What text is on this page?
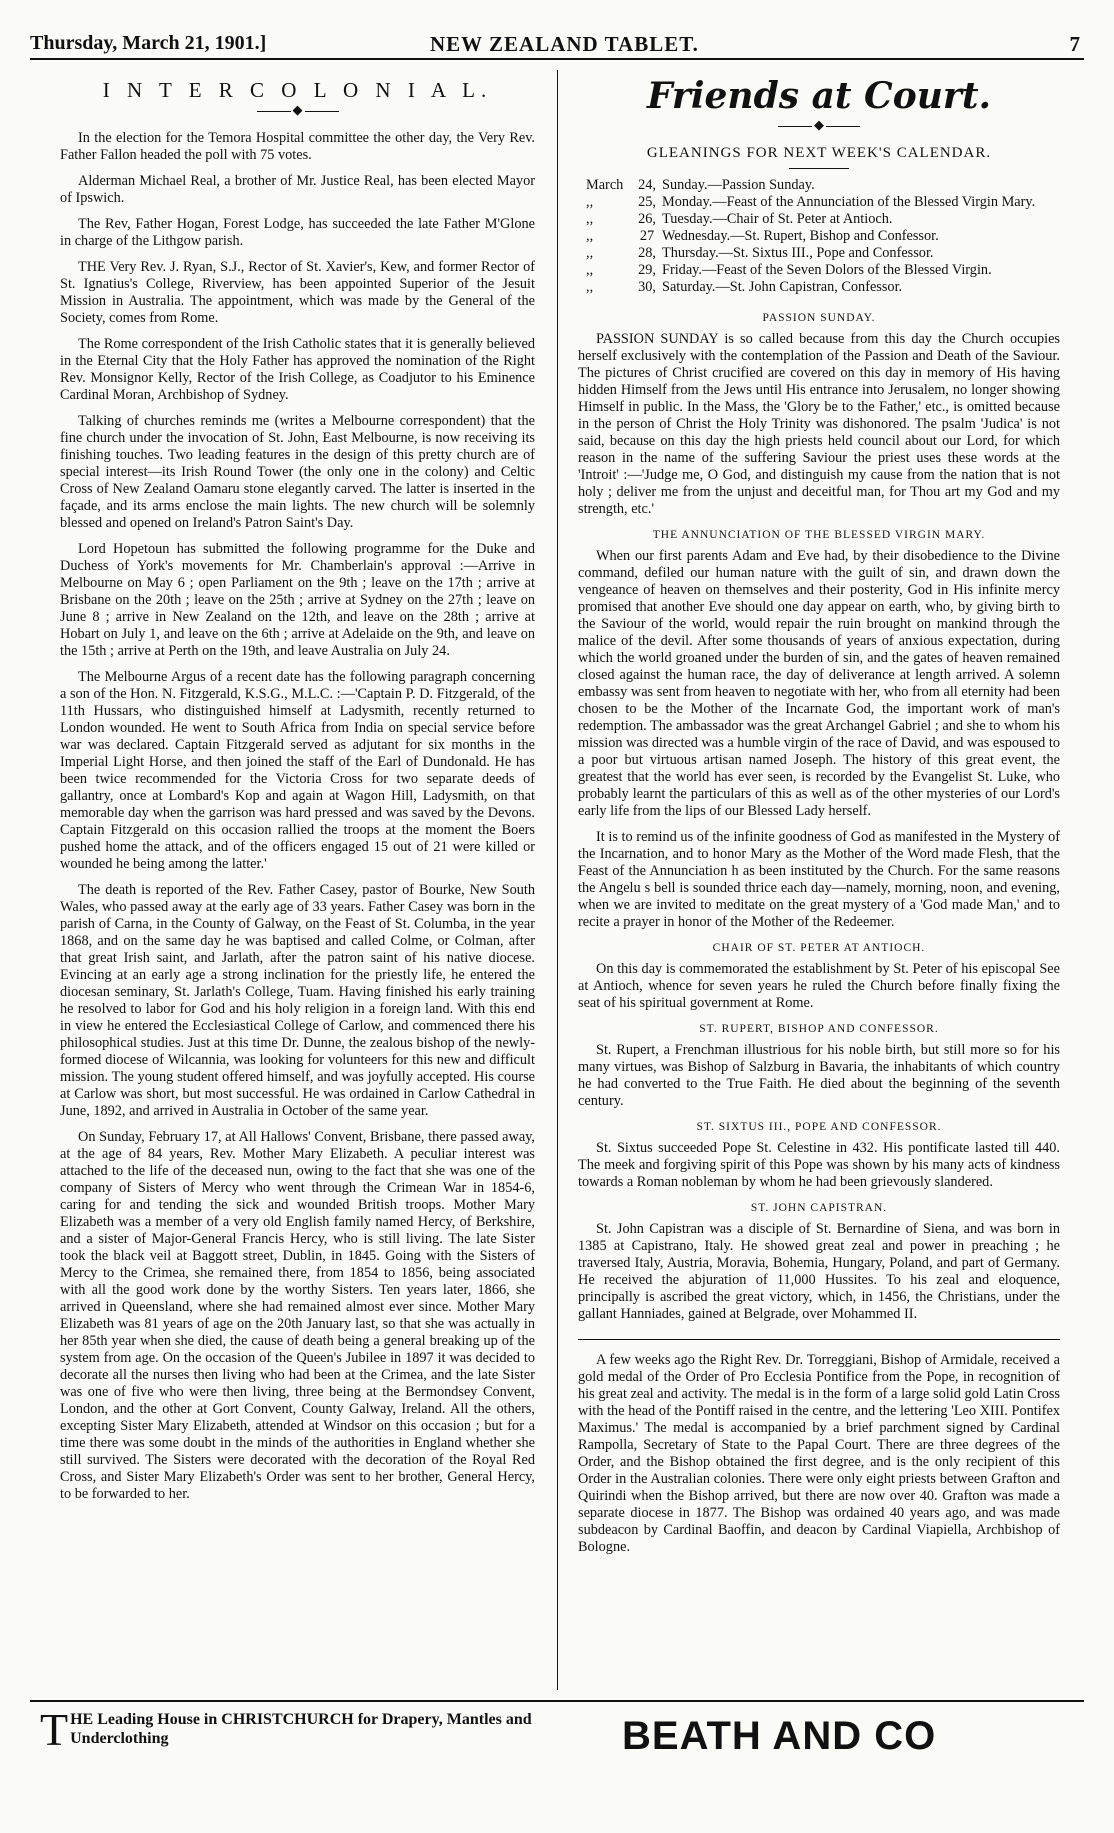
Thursday, March 21, 1901.]	NEW ZEALAND TABLET.	7
I N T E R C O L O N I A L.
◆

In the election for the Temora Hospital committee the other day, the Very Rev. Father Fallon headed the poll with 75 votes.

Alderman Michael Real, a brother of Mr. Justice Real, has been elected Mayor of Ipswich.

The Rev, Father Hogan, Forest Lodge, has succeeded the late Father M'Glone in charge of the Lithgow parish.

THE Very Rev. J. Ryan, S.J., Rector of St. Xavier's, Kew, and former Rector of St. Ignatius's College, Riverview, has been appointed Superior of the Jesuit Mission in Australia. The appointment, which was made by the General of the Society, comes from Rome.

The Rome correspondent of the Irish Catholic states that it is generally believed in the Eternal City that the Holy Father has approved the nomination of the Right Rev. Monsignor Kelly, Rector of the Irish College, as Coadjutor to his Eminence Cardinal Moran, Archbishop of Sydney.

Talking of churches reminds me (writes a Melbourne correspondent) that the fine church under the invocation of St. John, East Melbourne, is now receiving its finishing touches. Two leading features in the design of this pretty church are of special interest—its Irish Round Tower (the only one in the colony) and Celtic Cross of New Zealand Oamaru stone elegantly carved. The latter is inserted in the façade, and its arms enclose the main lights. The new church will be solemnly blessed and opened on Ireland's Patron Saint's Day.

Lord Hopetoun has submitted the following programme for the Duke and Duchess of York's movements for Mr. Chamberlain's approval :—Arrive in Melbourne on May 6 ; open Parliament on the 9th ; leave on the 17th ; arrive at Brisbane on the 20th ; leave on the 25th ; arrive at Sydney on the 27th ; leave on June 8 ; arrive in New Zealand on the 12th, and leave on the 28th ; arrive at Hobart on July 1, and leave on the 6th ; arrive at Adelaide on the 9th, and leave on the 15th ; arrive at Perth on the 19th, and leave Australia on July 24.

The Melbourne Argus of a recent date has the following paragraph concerning a son of the Hon. N. Fitzgerald, K.S.G., M.L.C. :—'Captain P. D. Fitzgerald, of the 11th Hussars, who distinguished himself at Ladysmith, recently returned to London wounded. He went to South Africa from India on special service before war was declared. Captain Fitzgerald served as adjutant for six months in the Imperial Light Horse, and then joined the staff of the Earl of Dundonald. He has been twice recommended for the Victoria Cross for two separate deeds of gallantry, once at Lombard's Kop and again at Wagon Hill, Ladysmith, on that memorable day when the garrison was hard pressed and was saved by the Devons. Captain Fitzgerald on this occasion rallied the troops at the moment the Boers pushed home the attack, and of the officers engaged 15 out of 21 were killed or wounded he being among the latter.'

The death is reported of the Rev. Father Casey, pastor of Bourke, New South Wales, who passed away at the early age of 33 years. Father Casey was born in the parish of Carna, in the County of Galway, on the Feast of St. Columba, in the year 1868, and on the same day he was baptised and called Colme, or Colman, after that great Irish saint, and Jarlath, after the patron saint of his native diocese. Evincing at an early age a strong inclination for the priestly life, he entered the diocesan seminary, St. Jarlath's College, Tuam. Having finished his early training he resolved to labor for God and his holy religion in a foreign land. With this end in view he entered the Ecclesiastical College of Carlow, and commenced there his philosophical studies. Just at this time Dr. Dunne, the zealous bishop of the newly-formed diocese of Wilcannia, was looking for volunteers for this new and difficult mission. The young student offered himself, and was joyfully accepted. His course at Carlow was short, but most successful. He was ordained in Carlow Cathedral in June, 1892, and arrived in Australia in October of the same year.

On Sunday, February 17, at All Hallows' Convent, Brisbane, there passed away, at the age of 84 years, Rev. Mother Mary Elizabeth. A peculiar interest was attached to the life of the deceased nun, owing to the fact that she was one of the company of Sisters of Mercy who went through the Crimean War in 1854-6, caring for and tending the sick and wounded British troops. Mother Mary Elizabeth was a member of a very old English family named Hercy, of Berkshire, and a sister of Major-General Francis Hercy, who is still living. The late Sister took the black veil at Baggott street, Dublin, in 1845. Going with the Sisters of Mercy to the Crimea, she remained there, from 1854 to 1856, being associated with all the good work done by the worthy Sisters. Ten years later, 1866, she arrived in Queensland, where she had remained almost ever since. Mother Mary Elizabeth was 81 years of age on the 20th January last, so that she was actually in her 85th year when she died, the cause of death being a general breaking up of the system from age. On the occasion of the Queen's Jubilee in 1897 it was decided to decorate all the nurses then living who had been at the Crimea, and the late Sister was one of five who were then living, three being at the Bermondsey Convent, London, and the other at Gort Convent, County Galway, Ireland. All the others, excepting Sister Mary Elizabeth, attended at Windsor on this occasion ; but for a time there was some doubt in the minds of the authorities in England whether she still survived. The Sisters were decorated with the decoration of the Royal Red Cross, and Sister Mary Elizabeth's Order was sent to her brother, General Hercy, to be forwarded to her.

Friends at Court.
◆
GLEANINGS FOR NEXT WEEK'S CALENDAR.
March	24, Sunday.—Passion Sunday.
,,	25, Monday.—Feast of the Annunciation of the Blessed Virgin Mary.
,,	26, Tuesday.—Chair of St. Peter at Antioch.
,,	27 Wednesday.—St. Rupert, Bishop and Confessor.
,,	28, Thursday.—St. Sixtus III., Pope and Confessor.
,,	29, Friday.—Feast of the Seven Dolors of the Blessed Virgin.
,,	30, Saturday.—St. John Capistran, Confessor.
PASSION SUNDAY.

PASSION SUNDAY is so called because from this day the Church occupies herself exclusively with the contemplation of the Passion and Death of the Saviour. The pictures of Christ crucified are covered on this day in memory of His having hidden Himself from the Jews until His entrance into Jerusalem, no longer showing Himself in public. In the Mass, the 'Glory be to the Father,' etc., is omitted because in the person of Christ the Holy Trinity was dishonored. The psalm 'Judica' is not said, because on this day the high priests held council about our Lord, for which reason in the name of the suffering Saviour the priest uses these words at the 'Introit' :—'Judge me, O God, and distinguish my cause from the nation that is not holy ; deliver me from the unjust and deceitful man, for Thou art my God and my strength, etc.'

THE ANNUNCIATION OF THE BLESSED VIRGIN MARY.

When our first parents Adam and Eve had, by their disobedience to the Divine command, defiled our human nature with the guilt of sin, and drawn down the vengeance of heaven on themselves and their posterity, God in His infinite mercy promised that another Eve should one day appear on earth, who, by giving birth to the Saviour of the world, would repair the ruin brought on mankind through the malice of the devil. After some thousands of years of anxious expectation, during which the world groaned under the burden of sin, and the gates of heaven remained closed against the human race, the day of deliverance at length arrived. A solemn embassy was sent from heaven to negotiate with her, who from all eternity had been chosen to be the Mother of the Incarnate God, the important work of man's redemption. The ambassador was the great Archangel Gabriel ; and she to whom his mission was directed was a humble virgin of the race of David, and was espoused to a poor but virtuous artisan named Joseph. The history of this great event, the greatest that the world has ever seen, is recorded by the Evangelist St. Luke, who probably learnt the particulars of this as well as of the other mysteries of our Lord's early life from the lips of our Blessed Lady herself.

It is to remind us of the infinite goodness of God as manifested in the Mystery of the Incarnation, and to honor Mary as the Mother of the Word made Flesh, that the Feast of the Annunciation h as been instituted by the Church. For the same reasons the Angelu s bell is sounded thrice each day—namely, morning, noon, and evening, when we are invited to meditate on the great mystery of a 'God made Man,' and to recite a prayer in honor of the Mother of the Redeemer.

CHAIR OF ST. PETER AT ANTIOCH.

On this day is commemorated the establishment by St. Peter of his episcopal See at Antioch, whence for seven years he ruled the Church before finally fixing the seat of his spiritual government at Rome.

ST. RUPERT, BISHOP AND CONFESSOR.

St. Rupert, a Frenchman illustrious for his noble birth, but still more so for his many virtues, was Bishop of Salzburg in Bavaria, the inhabitants of which country he had converted to the True Faith. He died about the beginning of the seventh century.

ST. SIXTUS III., POPE AND CONFESSOR.

St. Sixtus succeeded Pope St. Celestine in 432. His pontificate lasted till 440. The meek and forgiving spirit of this Pope was shown by his many acts of kindness towards a Roman nobleman by whom he had been grievously slandered.

ST. JOHN CAPISTRAN.

St. John Capistran was a disciple of St. Bernardine of Siena, and was born in 1385 at Capistrano, Italy. He showed great zeal and power in preaching ; he traversed Italy, Austria, Moravia, Bohemia, Hungary, Poland, and part of Germany. He received the abjuration of 11,000 Hussites. To his zeal and eloquence, principally is ascribed the great victory, which, in 1456, the Christians, under the gallant Hanniades, gained at Belgrade, over Mohammed II.

A few weeks ago the Right Rev. Dr. Torreggiani, Bishop of Armidale, received a gold medal of the Order of Pro Ecclesia Pontifice from the Pope, in recognition of his great zeal and activity. The medal is in the form of a large solid gold Latin Cross with the head of the Pontiff raised in the centre, and the lettering 'Leo XIII. Pontifex Maximus.' The medal is accompanied by a brief parchment signed by Cardinal Rampolla, Secretary of State to the Papal Court. There are three degrees of the Order, and the Bishop obtained the first degree, and is the only recipient of this Order in the Australian colonies. There were only eight priests between Grafton and Quirindi when the Bishop arrived, but there are now over 40. Grafton was made a separate diocese in 1877. The Bishop was ordained 40 years ago, and was made subdeacon by Cardinal Baoffin, and deacon by Cardinal Viapiella, Archbishop of Bologne.

T HE Leading House in CHRISTCHURCH for Drapery, Mantles and Underclothing	BEATH AND CO
